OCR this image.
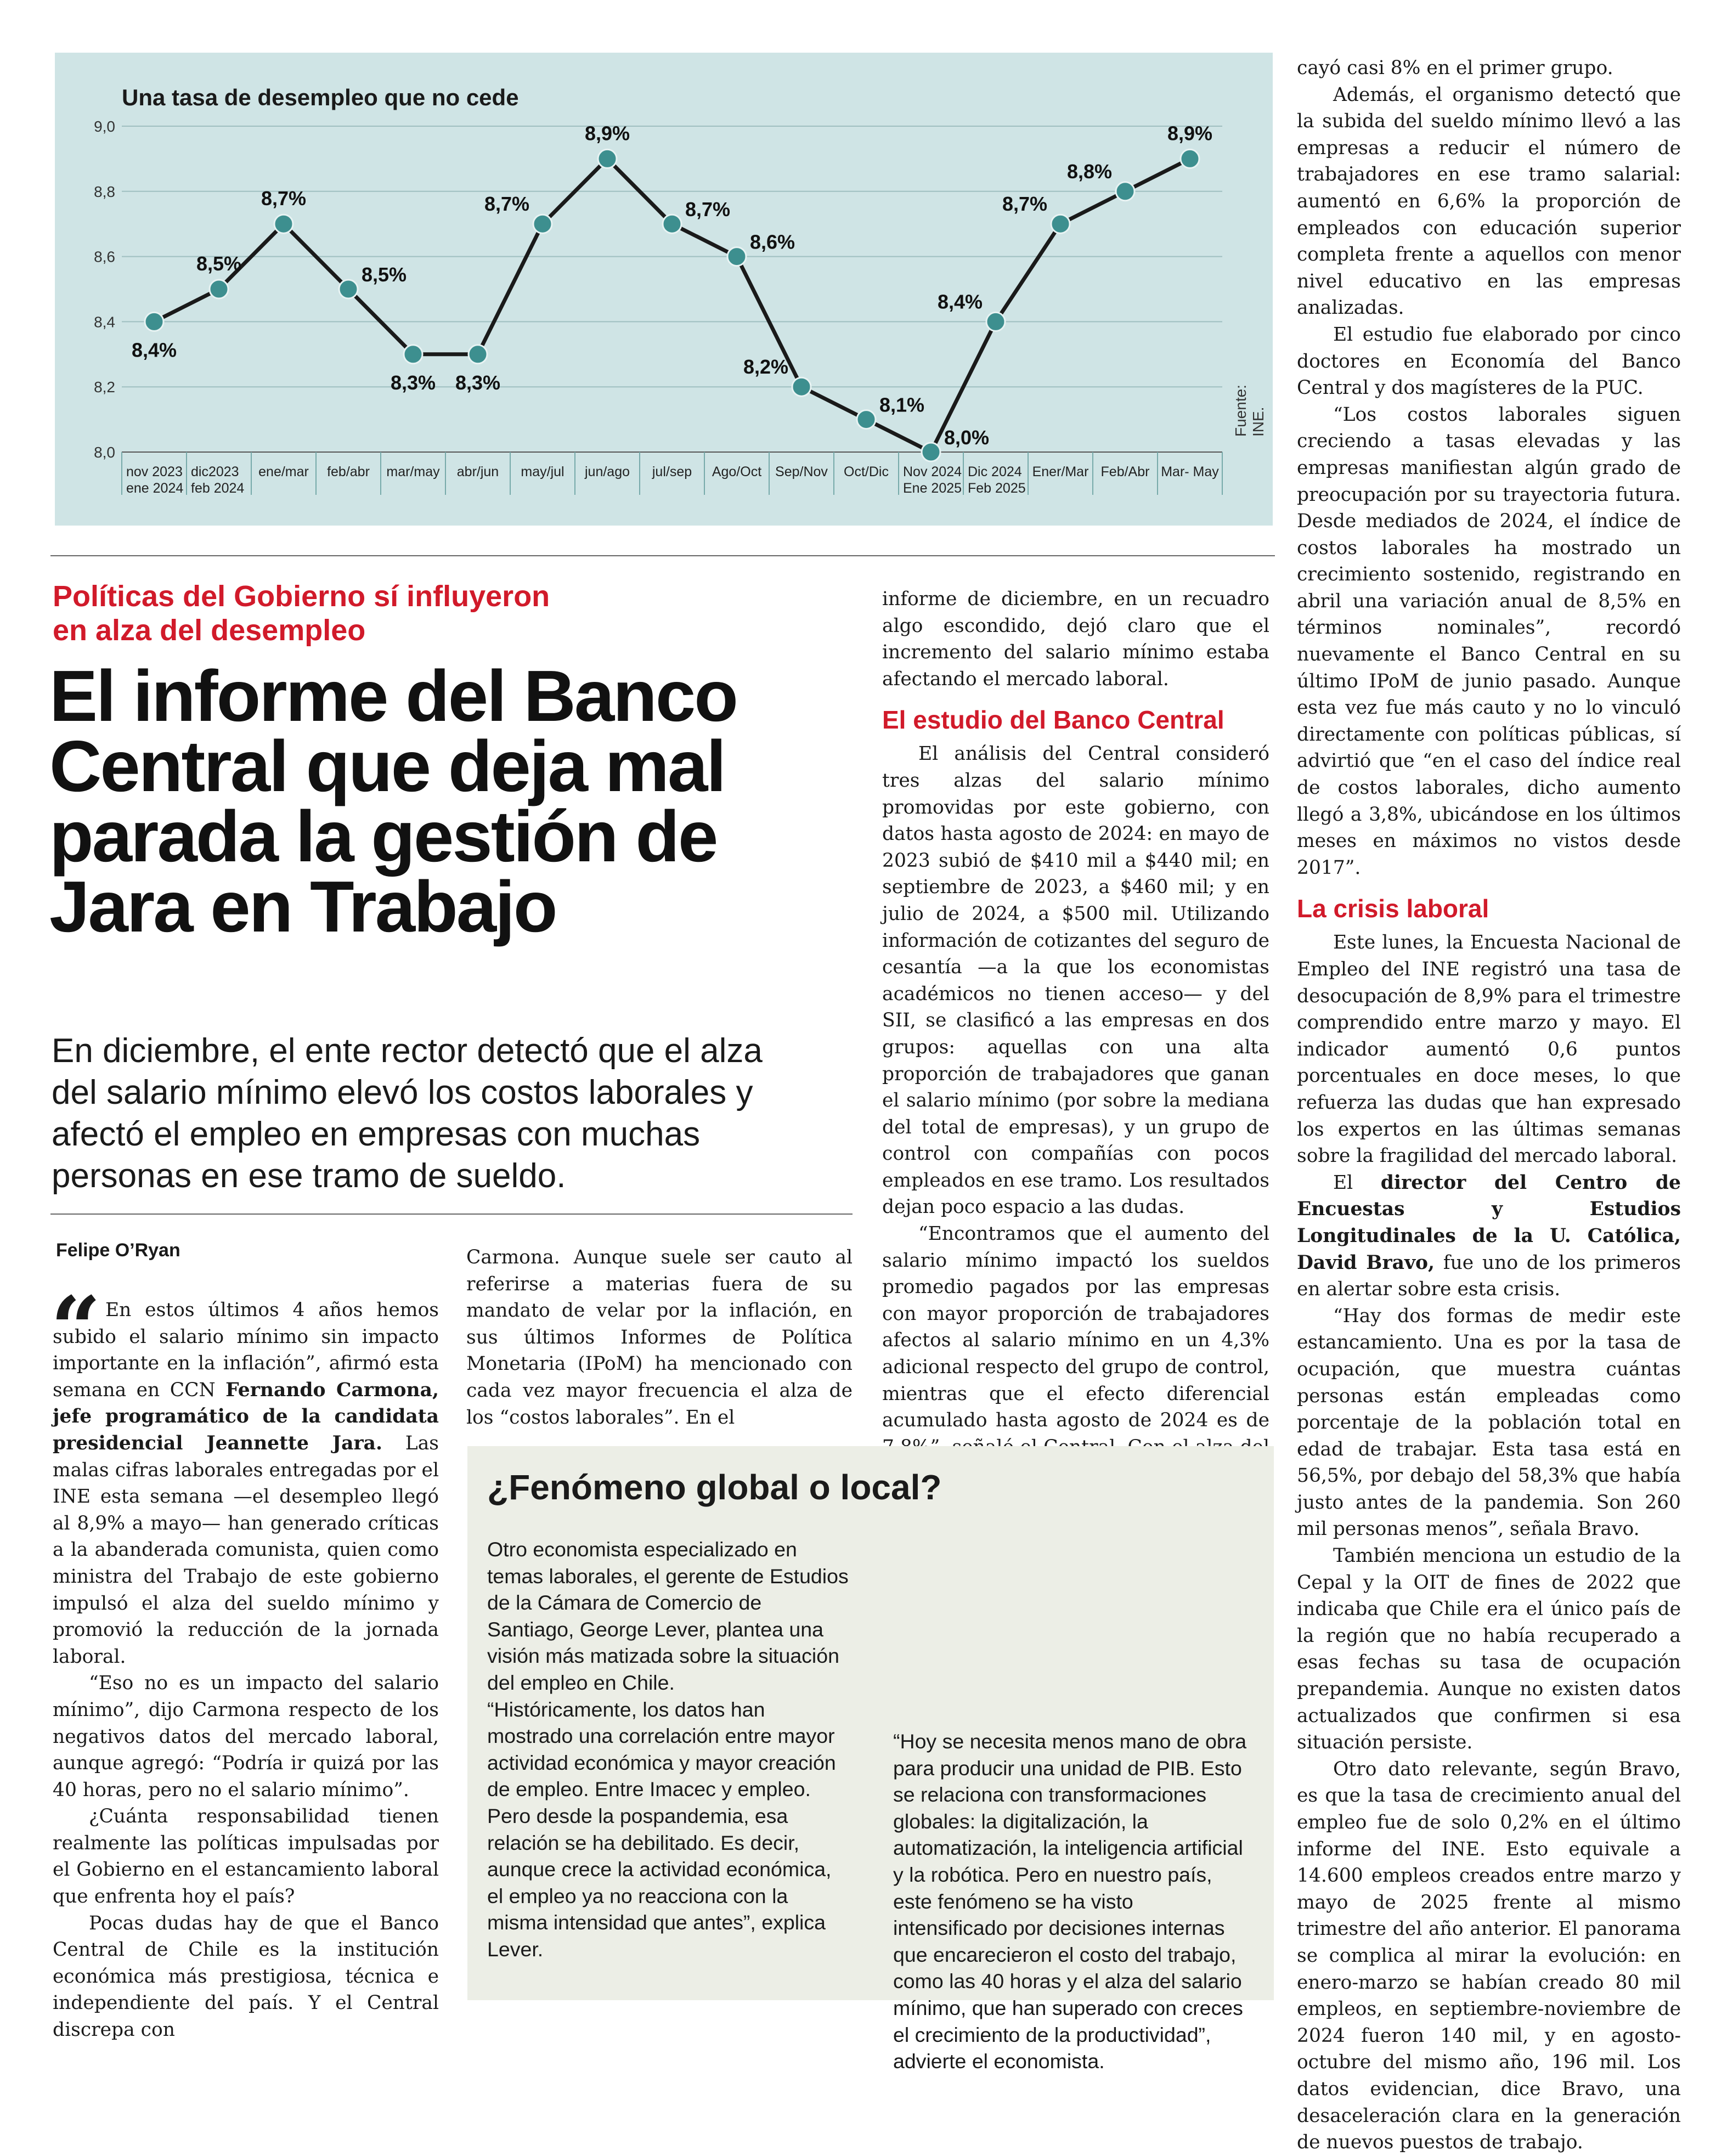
8,0
8,2
8,4
8,6
8,8
9,0
nov 2023
ene 2024
dic2023
feb 2024
ene/mar feb/abr mar/may abr/jun may/jul jun/ago jul/sep Ago/Oct Sep/Nov Oct/Dic Nov 2024
Ene 2025
Dic 2024
Feb 2025
Ener/Mar Feb/Abr Mar- May
8,4%
8,5%
8,7%
8,5%
8,3% 8,3%
8,7%
8,9%
8,7%
8,6%
8,2%
8,1%
8,0%
8,4%
8,7%
8,8%
8,9%
Una tasa de desempleo que no cede
Fuente: INE.
Políticas del Gobierno sí influyeron
en alza del desempleo
El informe del Banco
Central que deja mal
parada la gestión de
Jara en Trabajo
En diciembre, el ente rector detectó que el alza
del salario mínimo elevó los costos laborales y
afectó el empleo en empresas con muchas
personas en ese tramo de sueldo.
Felipe O’Ryan
“ En estos últimos 4 años hemos subido el salario mínimo sin impacto importante en la inflación”, afirmó esta semana en CCN Fernando Carmona, jefe programático de la candidata presidencial Jeannette Jara. Las malas cifras laborales entregadas por el INE esta semana —el desempleo llegó al 8,9% a mayo— han generado críticas a la abanderada comunista, quien como ministra del Trabajo de este gobierno impulsó el alza del sueldo mínimo y promovió la reducción de la jornada laboral.

“Eso no es un impacto del salario mínimo”, dijo Carmona respecto de los negativos datos del mercado laboral, aunque agregó: “Podría ir quizá por las 40 horas, pero no el salario mínimo”.

¿Cuánta responsabilidad tienen realmente las políticas impulsadas por el Gobierno en el estancamiento laboral que enfrenta hoy el país?

Pocas dudas hay de que el Banco Central de Chile es la institución económica más prestigiosa, técnica e independiente del país. Y el Central discrepa con

Carmona. Aunque suele ser cauto al referirse a materias fuera de su mandato de velar por la inflación, en sus últimos Informes de Política Monetaria (IPoM) ha mencionado con cada vez mayor frecuencia el alza de los “costos laborales”. En el

informe de diciembre, en un recuadro algo escondido, dejó claro que el incremento del salario mínimo estaba afectando el mercado laboral.

El estudio del Banco Central

El análisis del Central consideró tres alzas del salario mínimo promovidas por este gobierno, con datos hasta agosto de 2024: en mayo de 2023 subió de $410 mil a $440 mil; en septiembre de 2023, a $460 mil; y en julio de 2024, a $500 mil. Utilizando información de cotizantes del seguro de cesantía —a la que los economistas académicos no tienen acceso— y del SII, se clasificó a las empresas en dos grupos: aquellas con una alta proporción de trabajadores que ganan el salario mínimo (por sobre la mediana del total de empresas), y un grupo de control con compañías con pocos empleados en ese tramo. Los resultados dejan poco espacio a las dudas.

“Encontramos que el aumento del salario mínimo impactó los sueldos promedio pagados por las empresas con mayor proporción de trabajadores afectos al salario mínimo en un 4,3% adicional respecto del grupo de control, mientras que el efecto diferencial acumulado hasta agosto de 2024 es de

cayó casi 8% en el primer grupo.

Además, el organismo detectó que la subida del sueldo mínimo llevó a las empresas a reducir el número de trabajadores en ese tramo salarial: aumentó en 6,6% la proporción de empleados con educación superior completa frente a aquellos con menor nivel educativo en las empresas analizadas.

El estudio fue elaborado por cinco doctores en Economía del Banco Central y dos magísteres de la PUC.

“Los costos laborales siguen creciendo a tasas elevadas y las empresas manifiestan algún grado de preocupación por su trayectoria futura. Desde mediados de 2024, el índice de costos laborales ha mostrado un crecimiento sostenido, registrando en abril una variación anual de 8,5% en términos nominales”, recordó nuevamente el Banco Central en su último IPoM de junio pasado. Aunque esta vez fue más cauto y no lo vinculó directamente con políticas públicas, sí advirtió que “en el caso del índice real de costos laborales, dicho aumento llegó a 3,8%, ubicándose en los últimos meses en máximos no vistos desde 2017”.

La crisis laboral

Este lunes, la Encuesta Nacional de Empleo del INE registró una tasa de desocupación de 8,9% para el trimestre comprendido entre marzo y mayo. El indicador aumentó 0,6 puntos porcentuales en doce meses, lo que refuerza las dudas que han expresado los expertos en las últimas semanas sobre la fragilidad del mercado laboral.

El director del Centro de Encuestas y Estudios Longitudinales de la U. Católica, David Bravo, fue uno de los primeros en alertar sobre esta crisis.

“Hay dos formas de medir este estancamiento. Una es por la tasa de ocupación, que muestra cuántas personas están empleadas como porcentaje de la población total en edad de trabajar. Esta tasa está en 56,5%, por debajo del 58,3% que había justo antes de la pandemia. Son 260 mil personas menos”, señala Bravo.

También menciona un estudio de la Cepal y la OIT de fines de 2022 que indicaba que Chile era el único país de la región que no había recuperado a esas fechas su tasa de ocupación prepandemia. Aunque no existen datos actualizados que confirmen si esa situación persiste.

Otro dato relevante, según Bravo, es que la tasa de crecimiento anual del empleo fue de solo 0,2% en el último informe del INE. Esto equivale a 14.600 empleos creados entre marzo y mayo de 2025 frente al mismo trimestre del año anterior. El panorama se complica al mirar la evolución: en enero-marzo se habían creado 80 mil empleos, en septiembre-noviembre de 2024 fueron 140 mil, y en agosto-octubre del mismo año, 196 mil. Los datos evidencian, dice Bravo, una desaceleración clara en la generación de nuevos puestos de trabajo.

¿Fenómeno global o local?

Otro economista especializado en temas laborales, el gerente de Estudios de la Cámara de Comercio de Santiago, George Lever, plantea una visión más matizada sobre la situación del empleo en Chile.

“Históricamente, los datos han mostrado una correlación entre mayor actividad económica y mayor creación de empleo. Entre Imacec y empleo. Pero desde la pospandemia, esa relación se ha debilitado. Es decir, aunque crece la actividad económica, el empleo ya no reacciona con la misma intensidad que antes”, explica Lever.

“Hoy se necesita menos mano de obra para producir una unidad de PIB. Esto se relaciona con transformaciones globales: la digitalización, la automatización, la inteligencia artificial y la robótica. Pero en nuestro país, este fenómeno se ha visto intensificado por decisiones internas que encarecieron el costo del trabajo, como las 40 horas y el alza del salario mínimo, que han superado con creces el crecimiento de la productividad”, advierte el economista.
